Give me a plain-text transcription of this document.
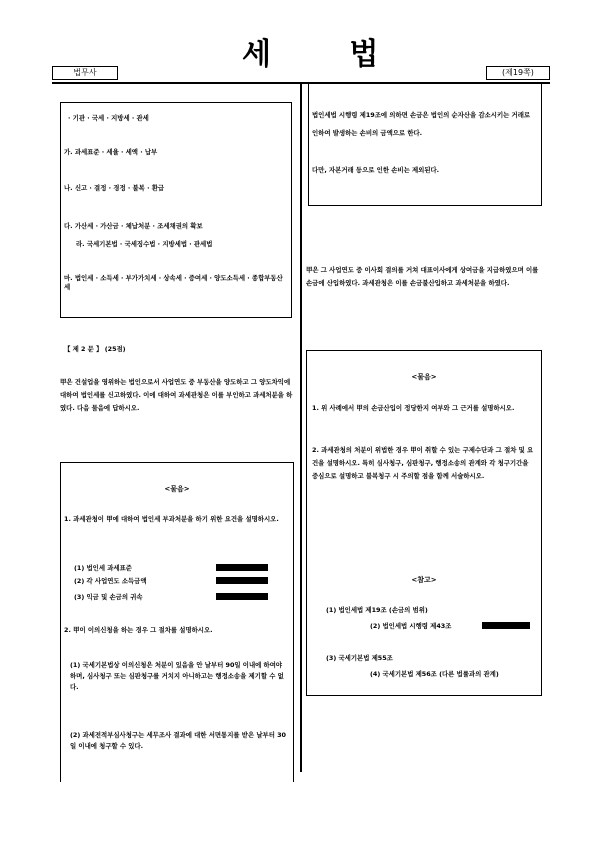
세 법
법무사	(제19쪽)
· 기관 · 국세 · 지방세 · 관세
가. 과세표준 · 세율 · 세액 · 납부
나. 신고 · 결정 · 경정 · 불복 · 환급
다. 가산세 · 가산금 · 체납처분 · 조세채권의 확보
라. 국세기본법 · 국세징수법 · 지방세법 · 관세법
마. 법인세 · 소득세 · 부가가치세 · 상속세 · 증여세 · 양도소득세 · 종합부동산세
【 제 2 문 】 (25점)
甲은 건설업을 영위하는 법인으로서 사업연도 중 부동산을 양도하고 그 양도차익에 대하여 법인세를 신고하였다. 이에 대하여 과세관청은 이를 부인하고 과세처분을 하였다. 다음 물음에 답하시오.
<물음>
1. 과세관청이 甲에 대하여 법인세 부과처분을 하기 위한 요건을 설명하시오.
(1) 법인세 과세표준
(2) 각 사업연도 소득금액
(3) 익금 및 손금의 귀속
2. 甲이 이의신청을 하는 경우 그 절차를 설명하시오.
(1) 국세기본법상 이의신청은 처분이 있음을 안 날부터 90일 이내에 하여야 하며, 심사청구 또는 심판청구를 거치지 아니하고는 행정소송을 제기할 수 없다.
(2) 과세전적부심사청구는 세무조사 결과에 대한 서면통지를 받은 날부터 30일 이내에 청구할 수 있다.
법인세법 시행령 제19조에 의하면 손금은 법인의 순자산을 감소시키는 거래로 인하여 발생하는 손비의 금액으로 한다.
다만, 자본거래 등으로 인한 손비는 제외된다.
甲은 그 사업연도 중 이사회 결의를 거쳐 대표이사에게 상여금을 지급하였으며 이를 손금에 산입하였다. 과세관청은 이를 손금불산입하고 과세처분을 하였다.
<물음>
1. 위 사례에서 甲의 손금산입이 정당한지 여부와 그 근거를 설명하시오.
2. 과세관청의 처분이 위법한 경우 甲이 취할 수 있는 구제수단과 그 절차 및 요건을 설명하시오. 특히 심사청구, 심판청구, 행정소송의 관계와 각 청구기간을 중심으로 설명하고 불복청구 시 주의할 점을 함께 서술하시오.
<참고>
(1) 법인세법 제19조 (손금의 범위)
(2) 법인세법 시행령 제43조
(3) 국세기본법 제55조
(4) 국세기본법 제56조 (다른 법률과의 관계)
